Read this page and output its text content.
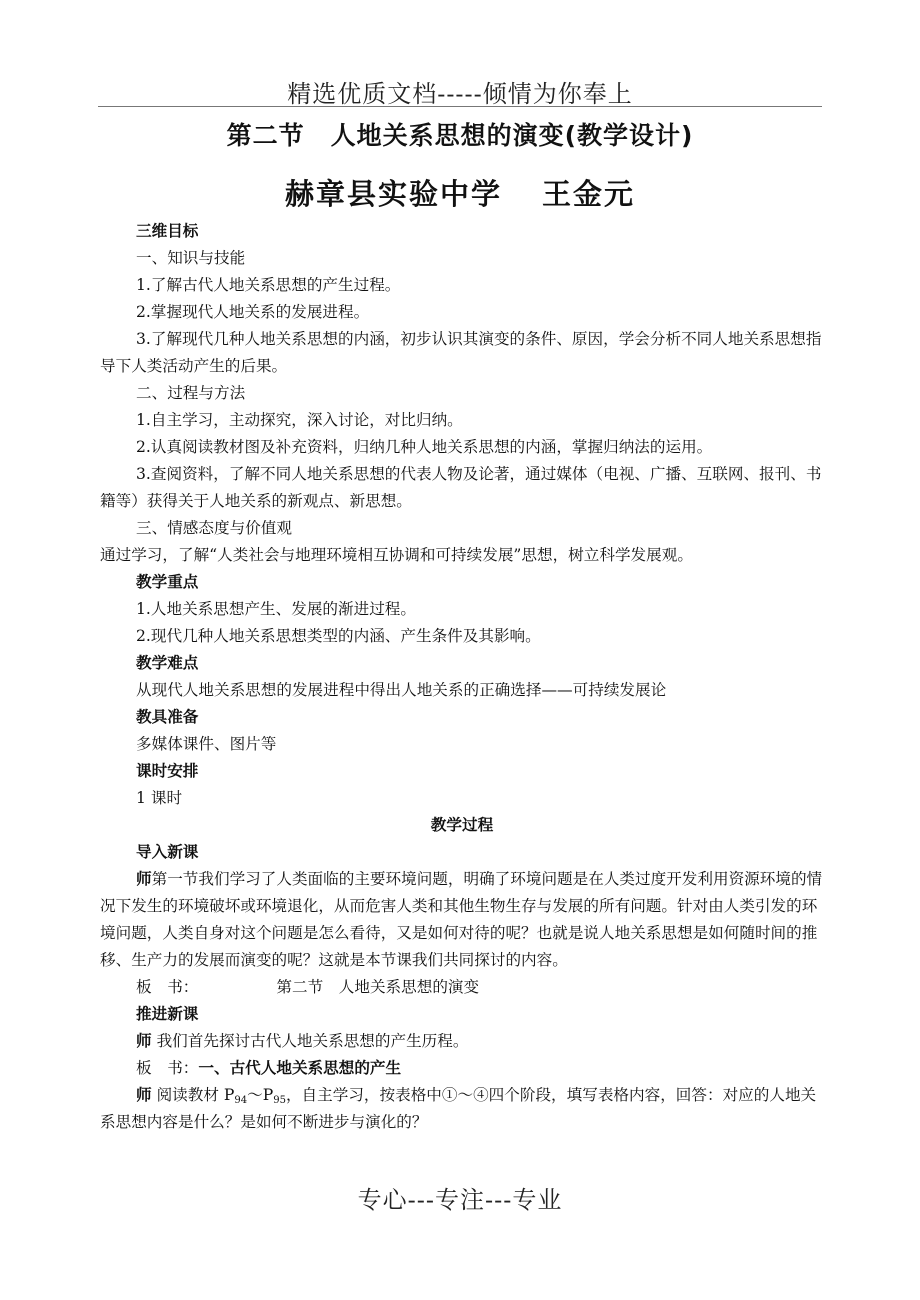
精选优质文档-----倾情为你奉上
第二节　人地关系思想的演变(教学设计)
赫章县实验中学 王金元

三维目标

一、知识与技能

1.了解古代人地关系思想的产生过程。

2.掌握现代人地关系的发展进程。

3.了解现代几种人地关系思想的内涵，初步认识其演变的条件、原因，学会分析不同人地关系思想指导下人类活动产生的后果。

二、过程与方法

1.自主学习，主动探究，深入讨论，对比归纳。

2.认真阅读教材图及补充资料，归纳几种人地关系思想的内涵，掌握归纳法的运用。

3.查阅资料，了解不同人地关系思想的代表人物及论著，通过媒体（电视、广播、互联网、报刊、书籍等）获得关于人地关系的新观点、新思想。

三、情感态度与价值观

通过学习，了解“人类社会与地理环境相互协调和可持续发展”思想，树立科学发展观。

教学重点

1.人地关系思想产生、发展的渐进过程。

2.现代几种人地关系思想类型的内涵、产生条件及其影响。

教学难点

从现代人地关系思想的发展进程中得出人地关系的正确选择——可持续发展论

教具准备

多媒体课件、图片等

课时安排

1 课时

教学过程

导入新课

师第一节我们学习了人类面临的主要环境问题，明确了环境问题是在人类过度开发利用资源环境的情况下发生的环境破坏或环境退化，从而危害人类和其他生物生存与发展的所有问题。针对由人类引发的环境问题，人类自身对这个问题是怎么看待，又是如何对待的呢？也就是说人地关系思想是如何随时间的推移、生产力的发展而演变的呢？这就是本节课我们共同探讨的内容。

板　书：	第二节　人地关系思想的演变

推进新课

师 我们首先探讨古代人地关系思想的产生历程。

板　书：一、古代人地关系思想的产生

师 阅读教材 $P_{94}\sim P_{95}$，自主学习，按表格中①～④四个阶段，填写表格内容，回答：对应的人地关系思想内容是什么？是如何不断进步与演化的？

专心---专注---专业
